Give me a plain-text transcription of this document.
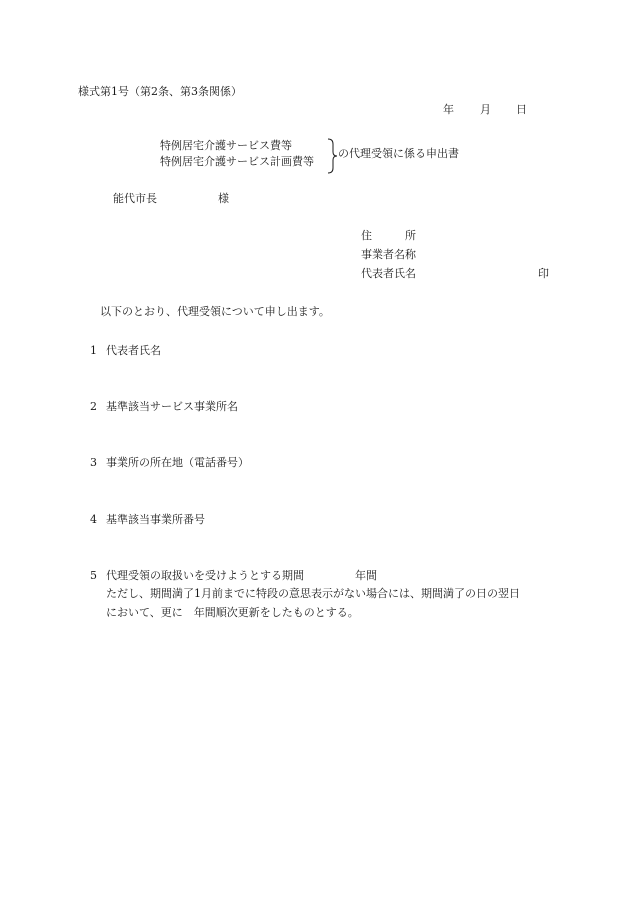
様式第1号（第2条、第3条関係）
年 月 日
特例居宅介護サービス費等
特例居宅介護サービス計画費等
の代理受領に係る申出書
能代市長	様
住　　　所
事業者名称
代表者氏名	印
以下のとおり、代理受領について申し出ます。
1 代表者氏名
2 基準該当サービス事業所名
3 事業所の所在地（電話番号）
4 基準該当事業所番号
5 代理受領の取扱いを受けようとする期間	年間
ただし、期間満了1月前までに特段の意思表示がない場合には、期間満了の日の翌日
において、更に　年間順次更新をしたものとする。
